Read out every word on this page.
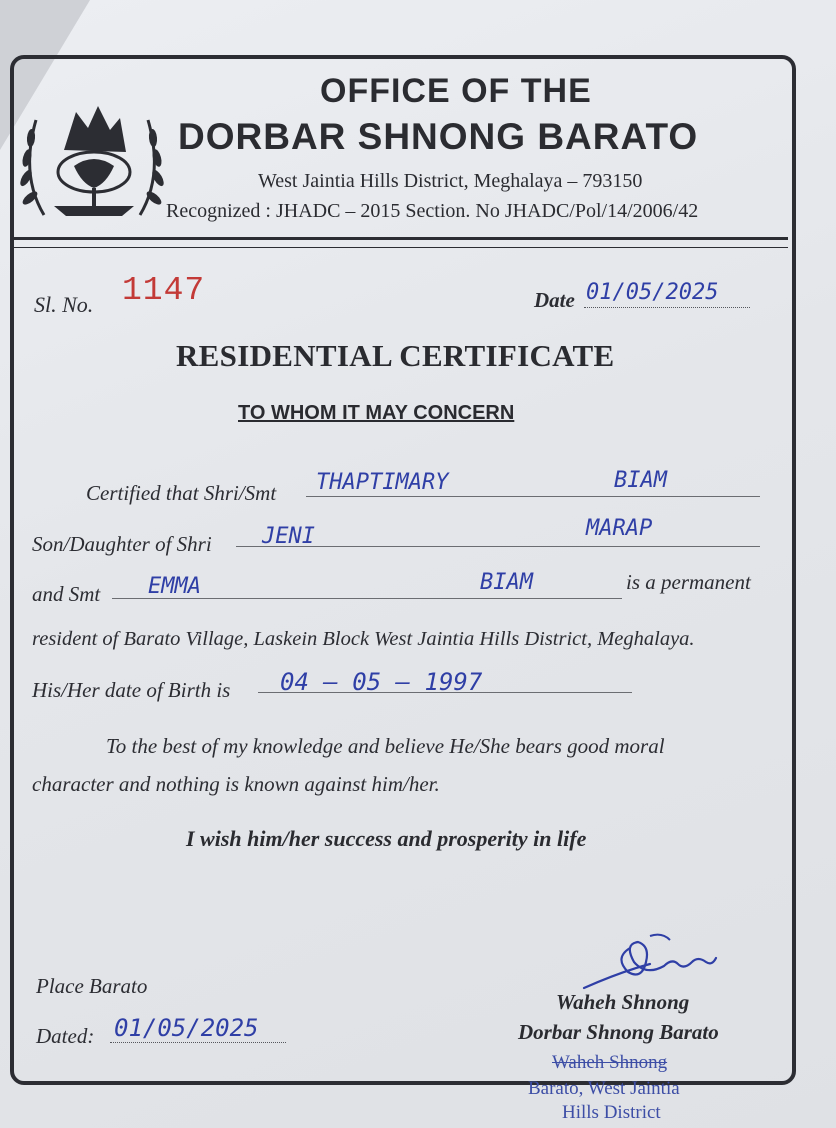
OFFICE OF THE
DORBAR SHNONG BARATO
West Jaintia Hills District, Meghalaya – 793150
Recognized : JHADC – 2015 Section. No JHADC/Pol/14/2006/42
Sl. No. 1147	Date 01/05/2025
RESIDENTIAL CERTIFICATE
TO WHOM IT MAY CONCERN
Certified that Shri/Smt THAPTIMARY	BIAM
Son/Daughter of Shri JENI	MARAP
and Smt EMMA	BIAM	is a permanent
resident of Barato Village, Laskein Block West Jaintia Hills District, Meghalaya.
His/Her date of Birth is 04 – 05 – 1997
To the best of my knowledge and believe He/She bears good moral
character and nothing is known against him/her.
I wish him/her success and prosperity in life
Place Barato
Dated: 01/05/2025
Waheh Shnong
Dorbar Shnong Barato
Waheh Shnong
Barato, West Jaintia
Hills District
